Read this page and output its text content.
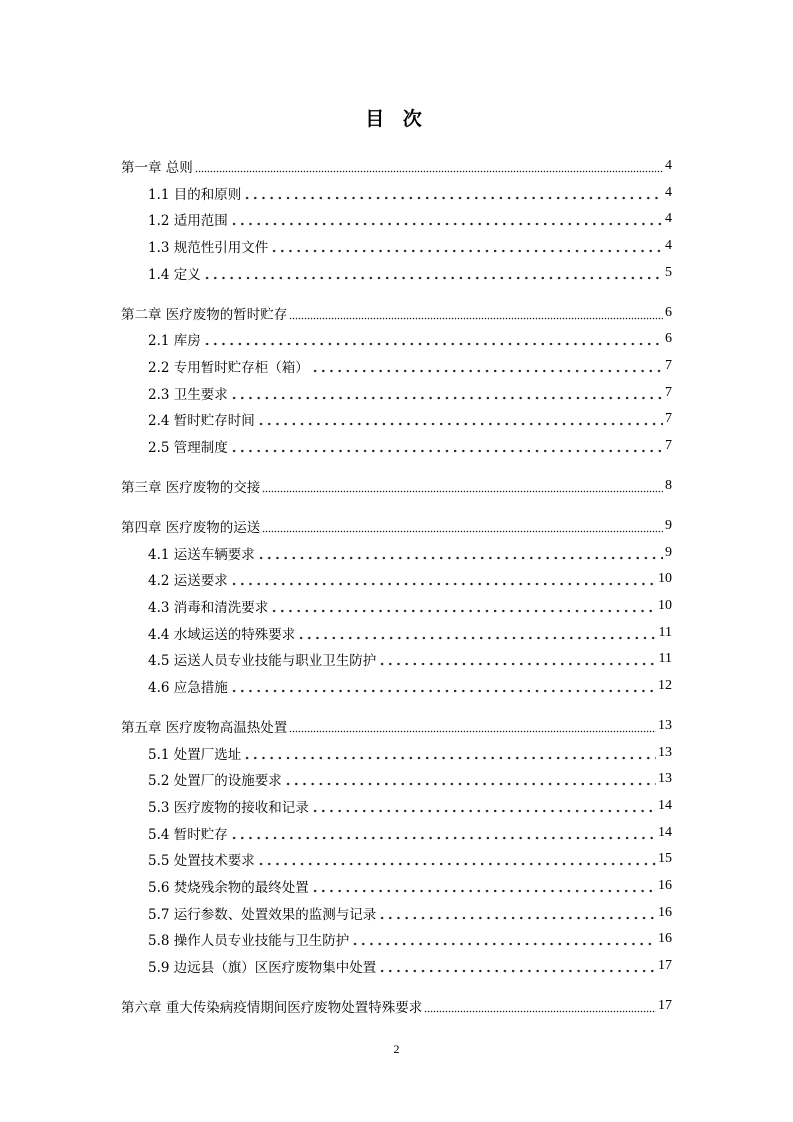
目 次
第一章 总则	4
1.1 目的和原则	4
1.2 适用范围	4
1.3 规范性引用文件	4
1.4 定义	5
第二章 医疗废物的暂时贮存	6
2.1 库房	6
2.2 专用暂时贮存柜（箱）	7
2.3 卫生要求	7
2.4 暂时贮存时间	7
2.5 管理制度	7
第三章 医疗废物的交接	8
第四章 医疗废物的运送	9
4.1 运送车辆要求	9
4.2 运送要求	10
4.3 消毒和清洗要求	10
4.4 水域运送的特殊要求	11
4.5 运送人员专业技能与职业卫生防护	11
4.6 应急措施	12
第五章 医疗废物高温热处置	13
5.1 处置厂选址	13
5.2 处置厂的设施要求	13
5.3 医疗废物的接收和记录	14
5.4 暂时贮存	14
5.5 处置技术要求	15
5.6 焚烧残余物的最终处置	16
5.7 运行参数、处置效果的监测与记录	16
5.8 操作人员专业技能与卫生防护	16
5.9 边远县（旗）区医疗废物集中处置	17
第六章 重大传染病疫情期间医疗废物处置特殊要求	17
2
